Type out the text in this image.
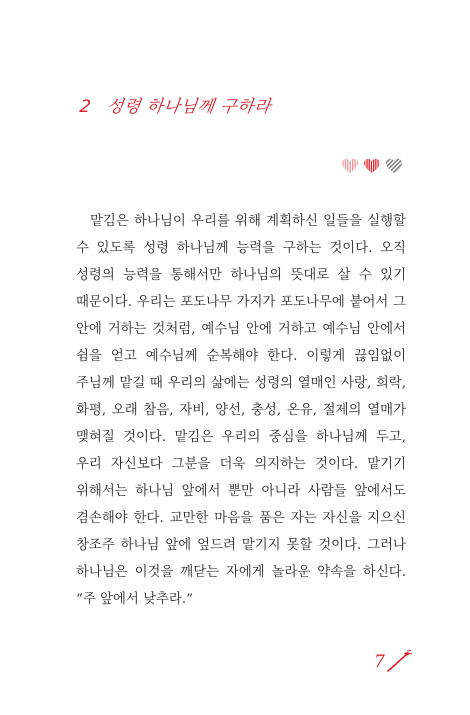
2 성령 하나님께 구하라

맡김은 하나님이 우리를 위해 계획하신 일들을 실행할 수 있도록 성령 하나님께 능력을 구하는 것이다. 오직 성령의 능력을 통해서만 하나님의 뜻대로 살 수 있기 때문이다. 우리는 포도나무 가지가 포도나무에 붙어서 그 안에 거하는 것처럼, 예수님 안에 거하고 예수님 안에서 쉼을 얻고 예수님께 순복해야 한다. 이렇게 끊임없이 주님께 맡길 때 우리의 삶에는 성령의 열매인 사랑, 희락, 화평, 오래 참음, 자비, 양선, 충성, 온유, 절제의 열매가 맺혀질 것이다. 맡김은 우리의 중심을 하나님께 두고, 우리 자신보다 그분을 더욱 의지하는 것이다. 맡기기 위해서는 하나님 앞에서 뿐만 아니라 사람들 앞에서도 겸손해야 한다. 교만한 마음을 품은 자는 자신을 지으신 창조주 하나님 앞에 엎드려 맡기지 못할 것이다. 그러나 하나님은 이것을 깨닫는 자에게 놀라운 약속을 하신다. “주 앞에서 낮추라.”

7
